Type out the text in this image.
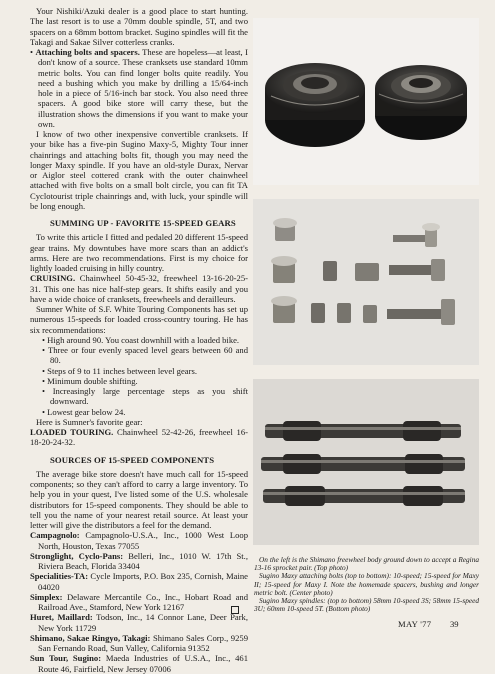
Your Nishiki/Azuki dealer is a good place to start hunting. The last resort is to use a 70mm double spindle, 5T, and two spacers on a 68mm bottom bracket. Sugino spindles will fit the Takagi and Sakae Silver cotterless cranks.

• Attaching bolts and spacers. These are hopeless—at least, I don't know of a source. These cranksets use standard 10mm metric bolts. You can find longer bolts quite readily. You need a bushing which you make by drilling a 15/64-inch hole in a piece of 5/16-inch bar stock. You also need three spacers. A good bike store will carry these, but the illustration shows the dimensions if you want to make your own.

I know of two other inexpensive convertible cranksets. If your bike has a five-pin Sugino Maxy-5, Mighty Tour inner chainrings and attaching bolts fit, though you may need the longer Maxy spindle. If you have an old-style Durax, Nervar or Aiglor steel cottered crank with the outer chainwheel attached with five bolts on a small bolt circle, you can fit TA Cyclotourist triple chainrings and, with luck, your spindle will be long enough.

SUMMING UP - FAVORITE 15-SPEED GEARS

To write this article I fitted and pedaled 20 different 15-speed gear trains. My downtubes have more scars than an addict's arms. Here are two recommendations. First is my choice for lightly loaded cruising in hilly country.

CRUISING. Chainwheel 50-45-32, freewheel 13-16-20-25-31. This one has nice half-step gears. It shifts easily and you have a wide choice of cranksets, freewheels and derailleurs.

Sumner White of S.F. White Touring Components has set up numerous 15-speeds for loaded cross-country touring. He has six recommendations:

• High around 90. You coast downhill with a loaded bike.

• Three or four evenly spaced level gears between 60 and 80.

• Steps of 9 to 11 inches between level gears.

• Minimum double shifting.

• Increasingly large percentage steps as you shift downward.

• Lowest gear below 24.

Here is Sumner's favorite gear:

LOADED TOURING. Chainwheel 52-42-26, freewheel 16-18-20-24-32.

SOURCES OF 15-SPEED COMPONENTS

The average bike store doesn't have much call for 15-speed components; so they can't afford to carry a large inventory. To help you in your quest, I've listed some of the U.S. wholesale distributors for 15-speed components. They should be able to tell you the name of your nearest retail source. At least your letter will give the distributors a feel for the demand.

Campagnolo: Campagnolo-U.S.A., Inc., 1000 West Loop North, Houston, Texas 77055

Stronglight, Cyclo-Pans: Belleri, Inc., 1010 W. 17th St., Riviera Beach, Florida 33404

Specialities-TA: Cycle Imports, P.O. Box 235, Cornish, Maine 04020

Simplex: Delaware Mercantile Co., Inc., Hobart Road and Railroad Ave., Stamford, New York 12167

Huret, Maillard: Todson, Inc., 14 Connor Lane, Deer Park, New York 11729

Shimano, Sakae Ringyo, Takagi: Shimano Sales Corp., 9259 San Fernando Road, Sun Valley, California 91352

Sun Tour, Sugino: Maeda Industries of U.S.A., Inc., 461 Route 46, Fairfield, New Jersey 07006

On the left is the Shimano freewheel body ground down to accept a Regina 13-16 sprocket pair. (Top photo)

Sugino Maxy attaching bolts (top to bottom): 10-speed; 15-speed for Maxy II; 15-speed for Maxy I. Note the homemade spacers, bushing and longer metric bolt. (Center photo)

Sugino Maxy spindles: (top to bottom) 58mm 10-speed 3S; 58mm 15-speed 3U; 60mm 10-speed 5T. (Bottom photo)

MAY '77 39
